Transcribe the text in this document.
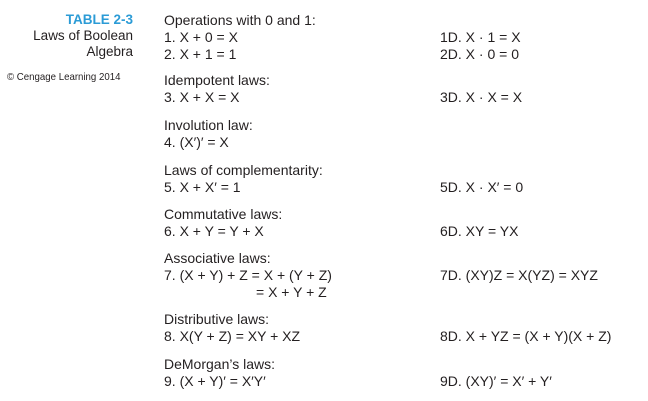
TABLE 2-3
Laws of Boolean
Algebra
© Cengage Learning 2014
Operations with 0 and 1:
1. X + 0 = X	1D. X · 1 = X
2. X + 1 = 1	2D. X · 0 = 0
Idempotent laws:
3. X + X = X	3D. X · X = X
Involution law:
4. (X′)′ = X
Laws of complementarity:
5. X + X′ = 1	5D. X · X′ = 0
Commutative laws:
6. X + Y = Y + X	6D. XY = YX
Associative laws:
7. (X + Y) + Z = X + (Y + Z)	7D. (XY)Z = X(YZ) = XYZ
= X + Y + Z
Distributive laws:
8. X(Y + Z) = XY + XZ	8D. X + YZ = (X + Y)(X + Z)
DeMorgan’s laws:
9. (X + Y)′ = X′Y′	9D. (XY)′ = X′ + Y′
